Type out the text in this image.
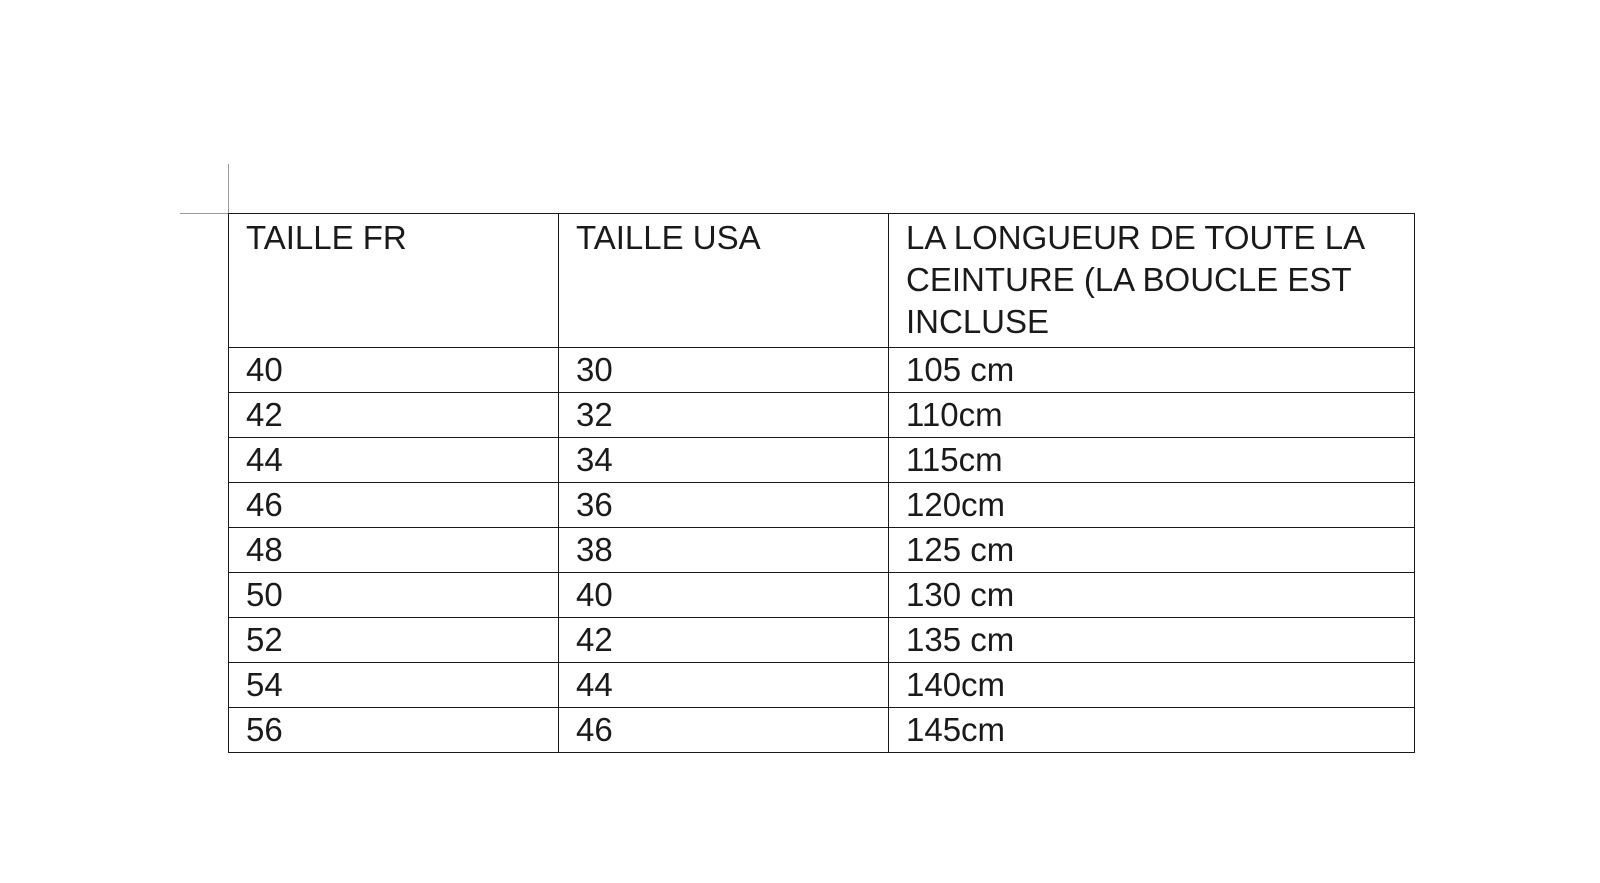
TAILLE FR	TAILLE USA	LA LONGUEUR DE TOUTE LA CEINTURE (LA BOUCLE EST INCLUSE
40	30	105 cm
42	32	110cm
44	34	115cm
46	36	120cm
48	38	125 cm
50	40	130 cm
52	42	135 cm
54	44	140cm
56	46	145cm
